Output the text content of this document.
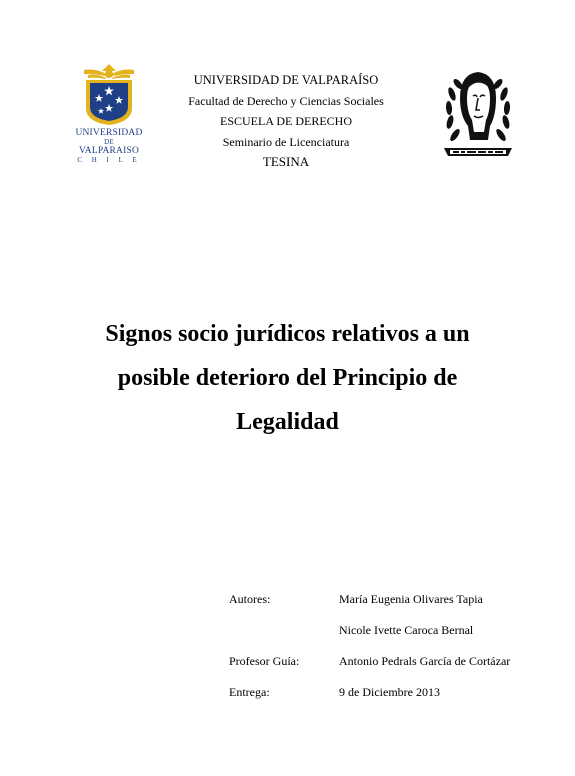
UNIVERSIDAD
DE
VALPARAISO
C H I L E
UNIVERSIDAD DE VALPARAÍSO
Facultad de Derecho y Ciencias Sociales
ESCUELA DE DERECHO
Seminario de Licenciatura
TESINA
Signos socio jurídicos relativos a un
posible deterioro del Principio de
Legalidad
Autores:	María Eugenia Olivares Tapia
Nicole Ivette Caroca Bernal
Profesor Guía:	Antonio Pedrals García de Cortázar
Entrega:	9 de Diciembre 2013
